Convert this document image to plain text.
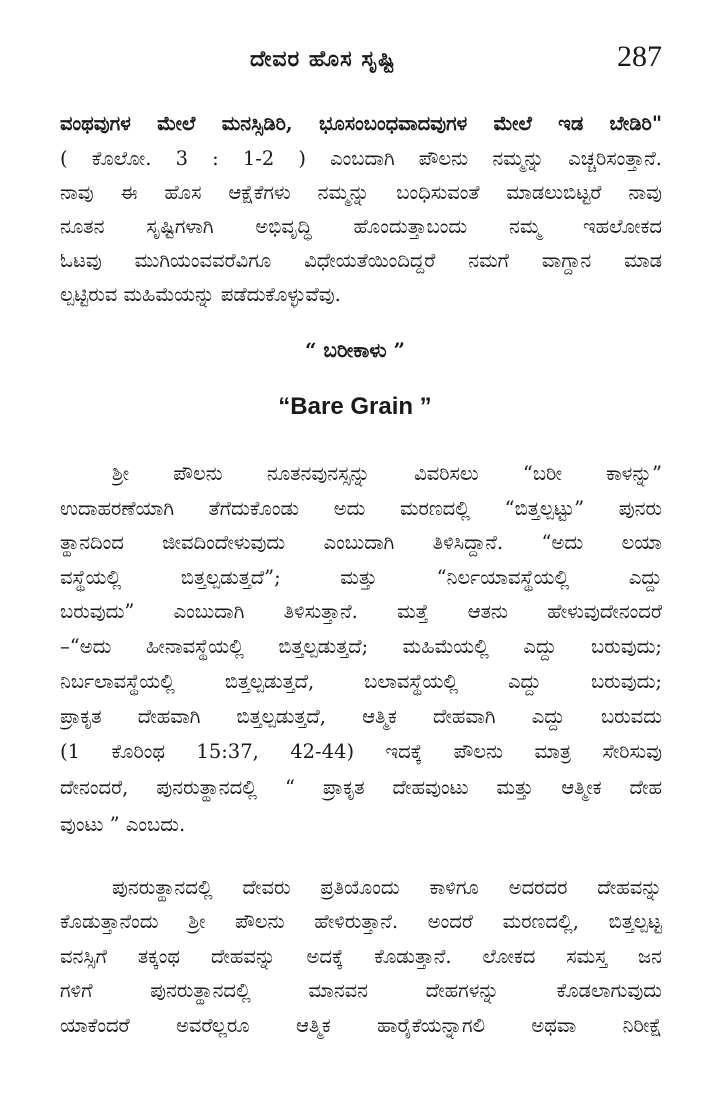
ದೇವರ ಹೊಸ ಸೃಷ್ಟಿ	287
ವಂಥವುಗಳ ಮೇಲೆ ಮನಸ್ಸಿಡಿರಿ, ಭೂಸಂಬಂಧವಾದವುಗಳ ಮೇಲೆ ಇಡ ಬೇಡಿರಿ"
( ಕೊಲೋ. 3 : 1-2 ) ಎಂಬದಾಗಿ ಪೌಲನು ನಮ್ಮನ್ನು ಎಚ್ಚರಿಸಂತ್ತಾನೆ.
ನಾವು ಈ ಹೊಸ ಆಕ್ಷೆಕೆಗಳು ನಮ್ಮನ್ನು ಬಂಧಿಸುವಂತೆ ಮಾಡಲುಬಿಟ್ಟರೆ ನಾವು
ನೂತನ ಸೃಷ್ಟಿಗಳಾಗಿ ಅಭಿವೃದ್ಧಿ ಹೊಂದುತ್ತಾಬಂದು ನಮ್ಮ ಇಹಲೋಕದ
ಓಟವು ಮುಗಿಯಂವವರೆವಿಗೂ ವಿಧೇಯತೆಯಿಂದಿದ್ದರೆ ನಮಗೆ ವಾಗ್ದಾನ ಮಾಡ
ಲ್ಪಟ್ಟಿರುವ ಮಹಿಮೆಯನ್ನು ಪಡೆದುಕೊಳ್ಳುವೆವು.
“ ಬರೀಕಾಳು ”
“Bare Grain ”
ಶ್ರೀ ಪೌಲನು ನೂತನವುನಸ್ಸನ್ನು ವಿವರಿಸಲು “ಬರೀ ಕಾಳನ್ನು”
ಉದಾಹರಣೆಯಾಗಿ ತೆಗೆದುಕೊಂಡು ಅದು ಮರಣದಲ್ಲಿ “ಬಿತ್ತಲ್ಪಟ್ಟು” ಪುನರು
ತ್ಥಾನದಿಂದ ಜೀವದಿಂದೇಳುವುದು ಎಂಬುದಾಗಿ ತಿಳಿಸಿದ್ದಾನೆ. “ಅದು ಲಯಾ
ವಸ್ಥೆಯಲ್ಲಿ ಬಿತ್ತಲ್ಪಡುತ್ತದೆ”; ಮತ್ತು “ನಿರ್ಲಯಾವಸ್ಥೆಯಲ್ಲಿ ಎದ್ದು
ಬರುವುದು” ಎಂಬುದಾಗಿ ತಿಳಿಸುತ್ತಾನೆ. ಮತ್ತೆ ಆತನು ಹೇಳುವುದೇನಂದರೆ
–“ಅದು ಹೀನಾವಸ್ಥೆಯಲ್ಲಿ ಬಿತ್ತಲ್ಪಡುತ್ತದೆ; ಮಹಿಮೆಯಲ್ಲಿ ಎದ್ದು ಬರುವುದು;
ನಿರ್ಬಲಾವಸ್ಥೆಯಲ್ಲಿ ಬಿತ್ತಲ್ಪಡುತ್ತದೆ, ಬಲಾವಸ್ಥೆಯಲ್ಲಿ ಎದ್ದು ಬರುವುದು;
ಪ್ರಾಕೃತ ದೇಹವಾಗಿ ಬಿತ್ತಲ್ಪಡುತ್ತದೆ, ಆತ್ಮಿಕ ದೇಹವಾಗಿ ಎದ್ದು ಬರುವದು
(1 ಕೊರಿಂಥ 15:37, 42-44) ಇದಕ್ಕೆ ಪೌಲನು ಮಾತ್ರ ಸೇರಿಸುವು
ದೇನಂದರೆ, ಪುನರುತ್ಥಾನದಲ್ಲಿ “ ಪ್ರಾಕೃತ ದೇಹವುಂಟು ಮತ್ತು ಆತ್ಮೀಕ ದೇಹ
ವುಂಟು ” ಎಂಬದು.
ಪುನರುತ್ಥಾನದಲ್ಲಿ ದೇವರು ಪ್ರತಿಯೊಂದು ಕಾಳಿಗೂ ಅದರದರ ದೇಹವನ್ನು
ಕೊಡುತ್ತಾನೆಂದು ಶ್ರೀ ಪೌಲನು ಹೇಳಿರುತ್ತಾನೆ. ಅಂದರೆ ಮರಣದಲ್ಲಿ, ಬಿತ್ತಲ್ಪಟ್ಟ
ವನಸ್ಸಿಗೆ ತಕ್ಕಂಥ ದೇಹವನ್ನು ಅದಕ್ಕೆ ಕೊಡುತ್ತಾನೆ. ಲೋಕದ ಸಮಸ್ತ ಜನ
ಗಳಿಗೆ ಪುನರುತ್ಥಾನದಲ್ಲಿ ಮಾನವನ ದೇಹಗಳನ್ನು ಕೊಡಲಾಗುವುದು
ಯಾಕೆಂದರೆ ಅವರೆಲ್ಲರೂ ಆತ್ಮಿಕ ಹಾರೈಕೆಯನ್ನಾಗಲಿ ಅಥವಾ ನಿರೀಕ್ಷೆ
